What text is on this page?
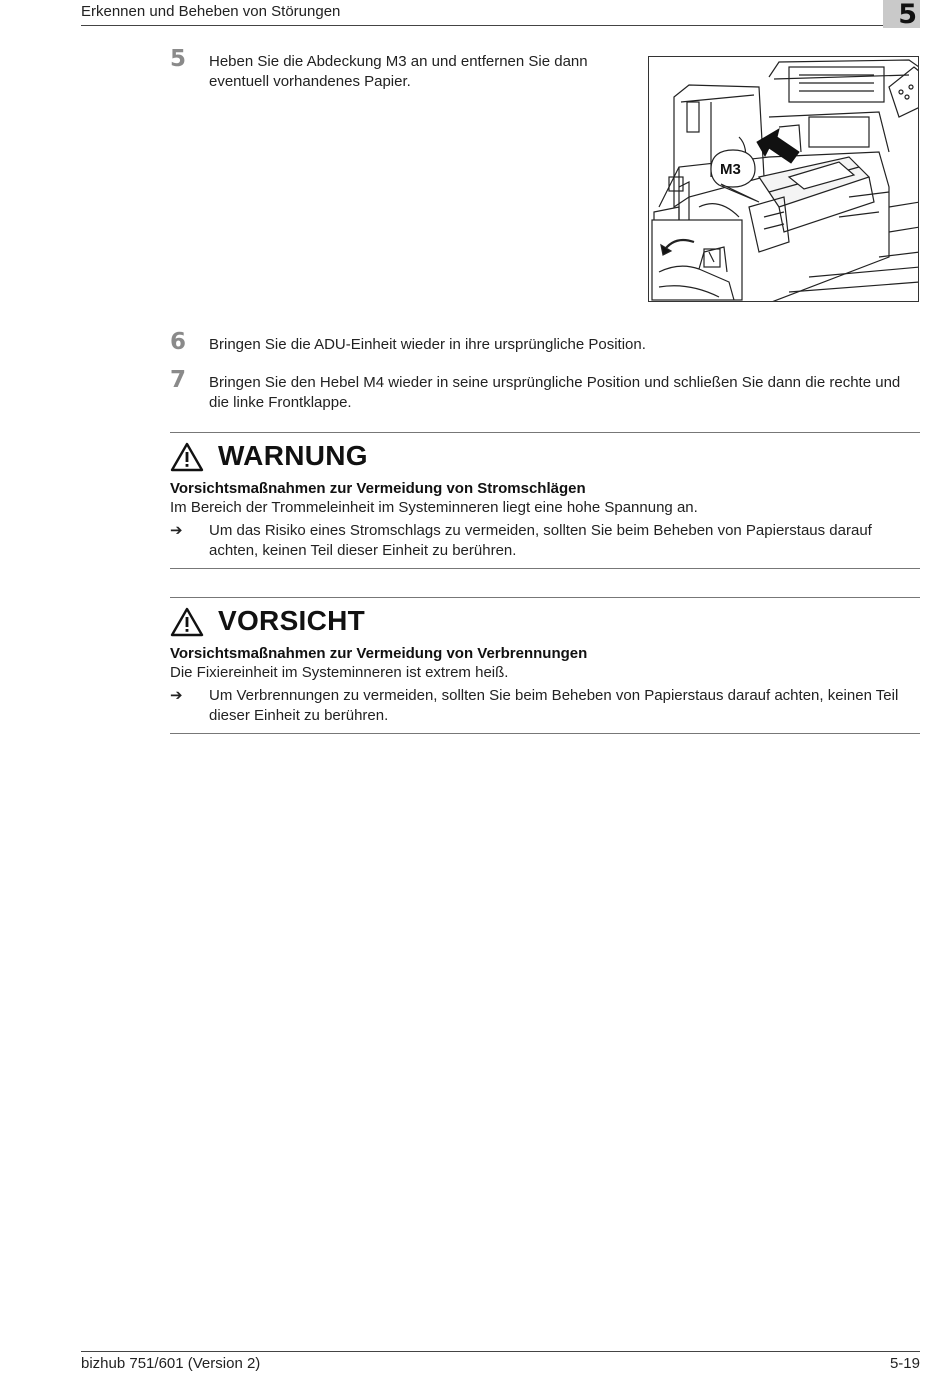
Erkennen und Beheben von Störungen	5
5 Heben Sie die Abdeckung M3 an und entfernen Sie dann
eventuell vorhandenes Papier.
M3
6 Bringen Sie die ADU-Einheit wieder in ihre ursprüngliche Position.
7 Bringen Sie den Hebel M4 wieder in seine ursprüngliche Position und schließen Sie dann die rechte und
die linke Frontklappe.
WARNUNG
Vorsichtsmaßnahmen zur Vermeidung von Stromschlägen
Im Bereich der Trommeleinheit im Systeminneren liegt eine hohe Spannung an.
➔ Um das Risiko eines Stromschlags zu vermeiden, sollten Sie beim Beheben von Papierstaus darauf
achten, keinen Teil dieser Einheit zu berühren.
VORSICHT
Vorsichtsmaßnahmen zur Vermeidung von Verbrennungen
Die Fixiereinheit im Systeminneren ist extrem heiß.
➔ Um Verbrennungen zu vermeiden, sollten Sie beim Beheben von Papierstaus darauf achten, keinen Teil
dieser Einheit zu berühren.
bizhub 751/601 (Version 2)	5-19
